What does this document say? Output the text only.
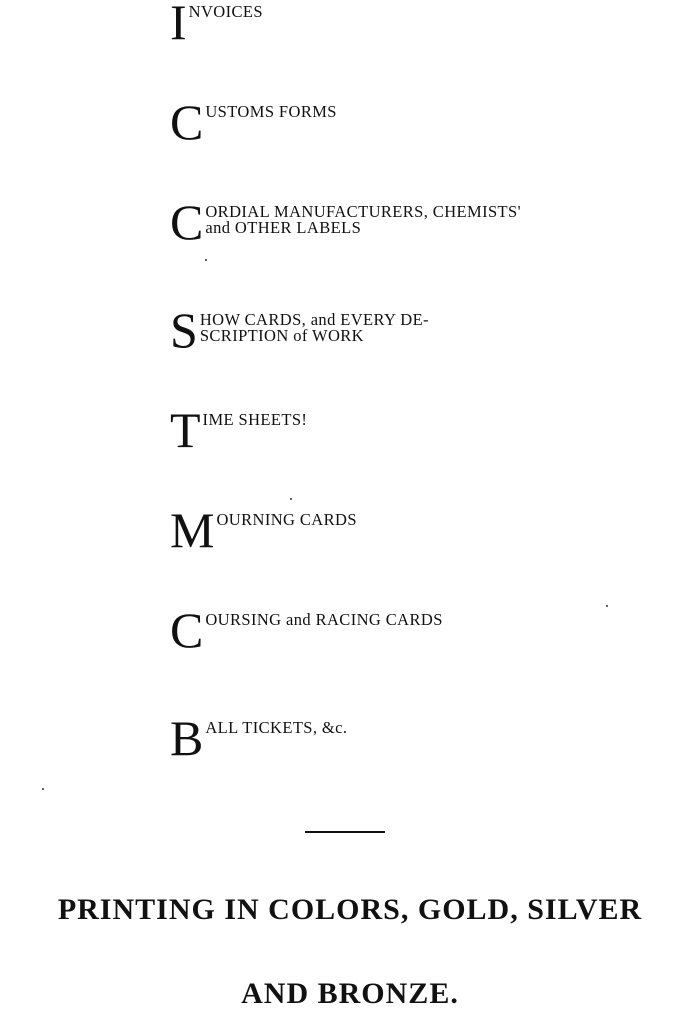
I NVOICES
C USTOMS FORMS
C ORDIAL MANUFACTURERS, CHEMISTS'
and OTHER LABELS
S HOW CARDS, and EVERY DE-
SCRIPTION of WORK
T IME SHEETS!
M OURNING CARDS
C OURSING and RACING CARDS
B ALL TICKETS, &c.
PRINTING IN COLORS, GOLD, SILVER
AND BRONZE.
